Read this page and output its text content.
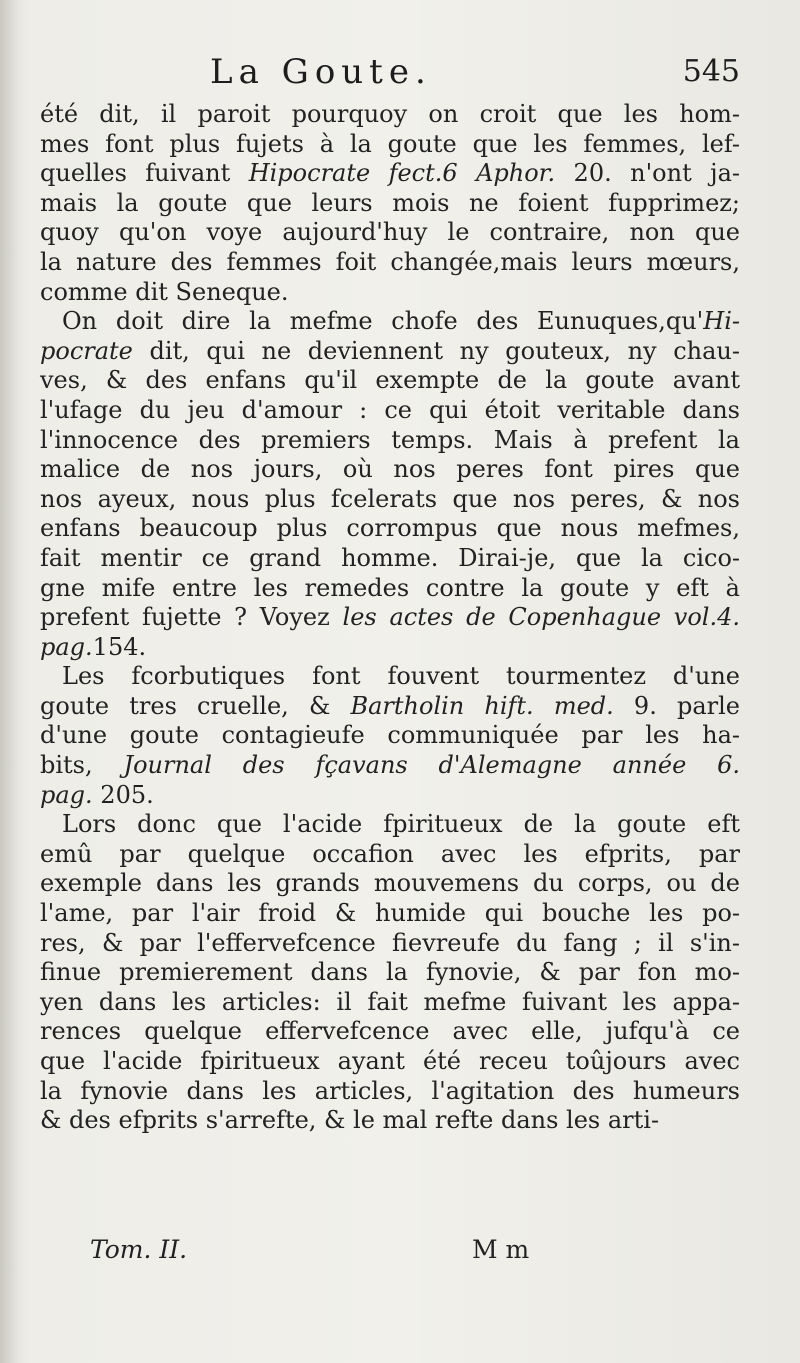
La Goute.	545
été dit, il paroit pourquoy on croit que les hom-
mes font plus fujets à la goute que les femmes, lef-
quelles fuivant Hipocrate fect.6 Aphor. 20. n'ont ja-
mais la goute que leurs mois ne foient fupprimez;
quoy qu'on voye aujourd'huy le contraire, non que
la nature des femmes foit changée,mais leurs mœurs,
comme dit Seneque.
On doit dire la mefme chofe des Eunuques,qu'Hi-
pocrate dit, qui ne deviennent ny gouteux, ny chau-
ves, & des enfans qu'il exempte de la goute avant
l'ufage du jeu d'amour : ce qui étoit veritable dans
l'innocence des premiers temps. Mais à prefent la
malice de nos jours, où nos peres font pires que
nos ayeux, nous plus fcelerats que nos peres, & nos
enfans beaucoup plus corrompus que nous mefmes,
fait mentir ce grand homme. Dirai-je, que la cico-
gne mife entre les remedes contre la goute y eft à
prefent fujette ? Voyez les actes de Copenhague vol.4.
pag.154.
Les fcorbutiques font fouvent tourmentez d'une
goute tres cruelle, & Bartholin hift. med. 9. parle
d'une goute contagieufe communiquée par les ha-
bits, Journal des fçavans d'Alemagne année 6.
pag. 205.
Lors donc que l'acide fpiritueux de la goute eft
emû par quelque occafion avec les efprits, par
exemple dans les grands mouvemens du corps, ou de
l'ame, par l'air froid & humide qui bouche les po-
res, & par l'effervefcence fievreufe du fang ; il s'in-
finue premierement dans la fynovie, & par fon mo-
yen dans les articles: il fait mefme fuivant les appa-
rences quelque effervefcence avec elle, jufqu'à ce
que l'acide fpiritueux ayant été receu toûjours avec
la fynovie dans les articles, l'agitation des humeurs
& des efprits s'arrefte, & le mal refte dans les arti-
Tom. II.	M m
